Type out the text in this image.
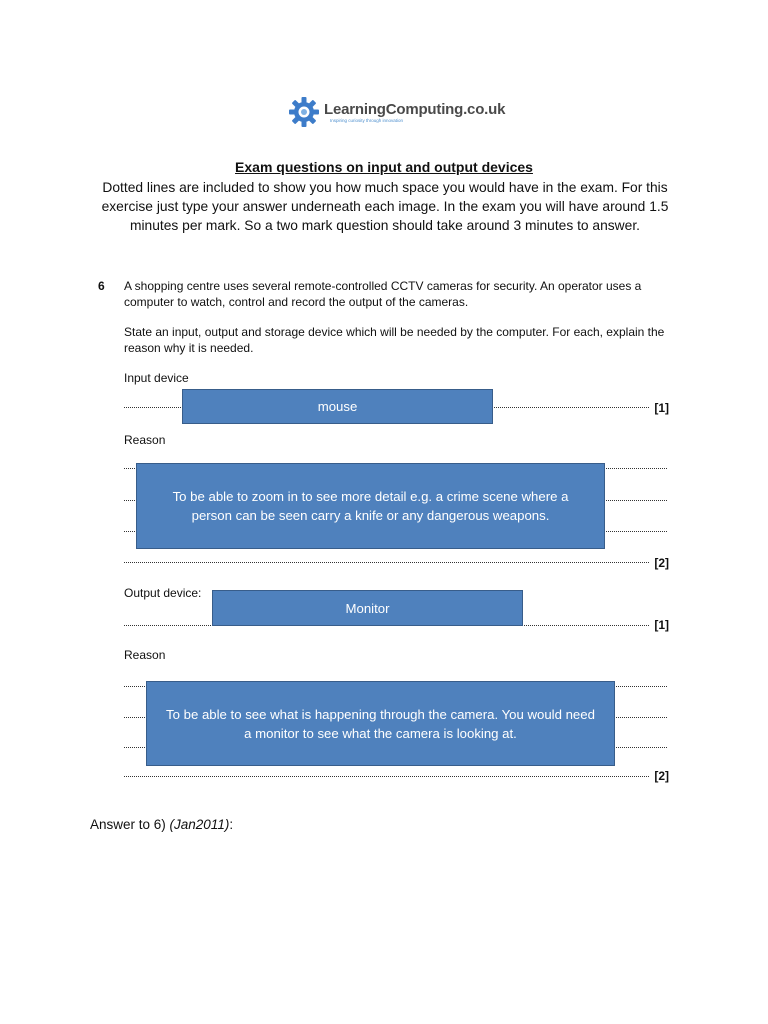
LearningComputing.co.uk
Inspiring curiosity through innovation
Exam questions on input and output devices
Dotted lines are included to show you how much space you would have in the exam. For this exercise just type your answer underneath each image. In the exam you will have around 1.5 minutes per mark. So a two mark question should take around 3 minutes to answer.
6 A shopping centre uses several remote-controlled CCTV cameras for security. An operator uses a computer to watch, control and record the output of the cameras.
State an input, output and storage device which will be needed by the computer. For each, explain the reason why it is needed.
Input device
[1]
mouse
Reason
[2]
To be able to zoom in to see more detail e.g. a crime scene where a person can be seen carry a knife or any dangerous weapons.
Output device:
[1]
Monitor
Reason
[2]
To be able to see what is happening through the camera. You would need a monitor to see what the camera is looking at.
Answer to 6) (Jan2011):
